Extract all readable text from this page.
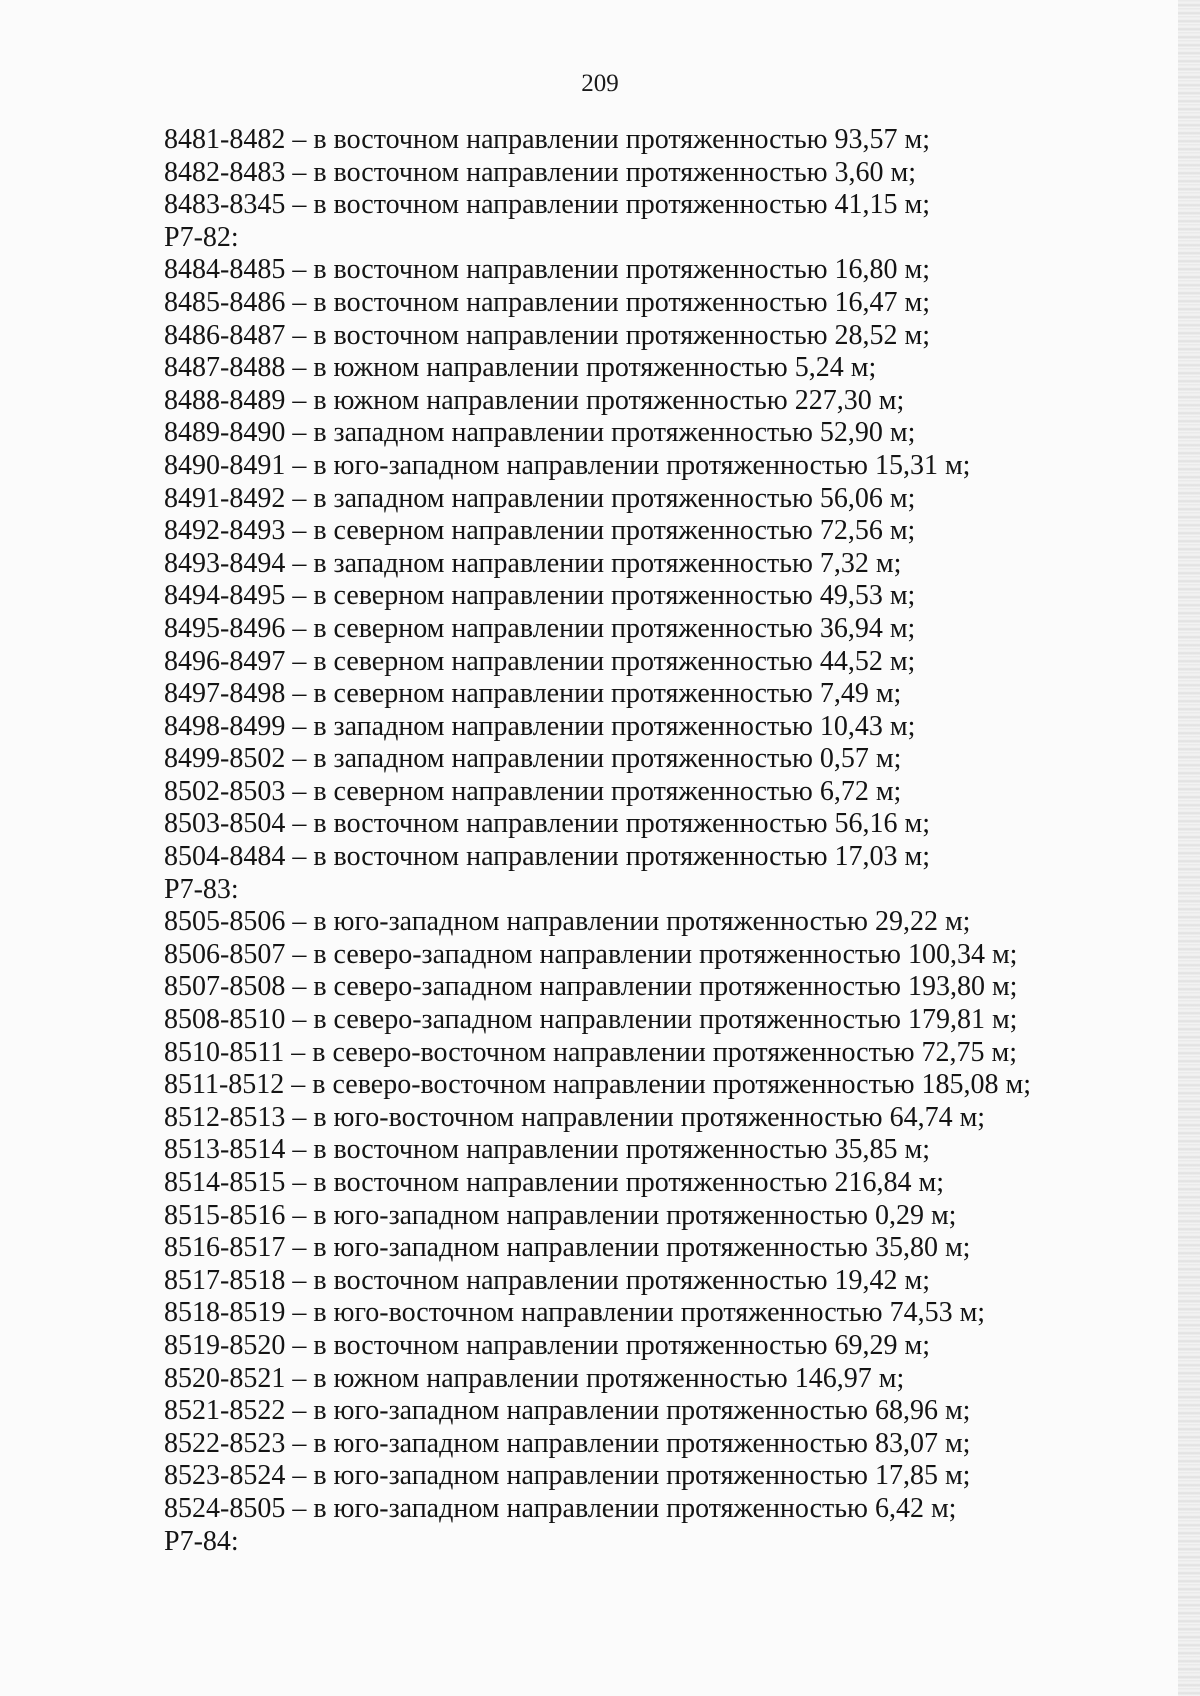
209
8481-8482 – в восточном направлении протяженностью 93,57 м;
8482-8483 – в восточном направлении протяженностью 3,60 м;
8483-8345 – в восточном направлении протяженностью 41,15 м;
Р7-82:
8484-8485 – в восточном направлении протяженностью 16,80 м;
8485-8486 – в восточном направлении протяженностью 16,47 м;
8486-8487 – в восточном направлении протяженностью 28,52 м;
8487-8488 – в южном направлении протяженностью 5,24 м;
8488-8489 – в южном направлении протяженностью 227,30 м;
8489-8490 – в западном направлении протяженностью 52,90 м;
8490-8491 – в юго-западном направлении протяженностью 15,31 м;
8491-8492 – в западном направлении протяженностью 56,06 м;
8492-8493 – в северном направлении протяженностью 72,56 м;
8493-8494 – в западном направлении протяженностью 7,32 м;
8494-8495 – в северном направлении протяженностью 49,53 м;
8495-8496 – в северном направлении протяженностью 36,94 м;
8496-8497 – в северном направлении протяженностью 44,52 м;
8497-8498 – в северном направлении протяженностью 7,49 м;
8498-8499 – в западном направлении протяженностью 10,43 м;
8499-8502 – в западном направлении протяженностью 0,57 м;
8502-8503 – в северном направлении протяженностью 6,72 м;
8503-8504 – в восточном направлении протяженностью 56,16 м;
8504-8484 – в восточном направлении протяженностью 17,03 м;
Р7-83:
8505-8506 – в юго-западном направлении протяженностью 29,22 м;
8506-8507 – в северо-западном направлении протяженностью 100,34 м;
8507-8508 – в северо-западном направлении протяженностью 193,80 м;
8508-8510 – в северо-западном направлении протяженностью 179,81 м;
8510-8511 – в северо-восточном направлении протяженностью 72,75 м;
8511-8512 – в северо-восточном направлении протяженностью 185,08 м;
8512-8513 – в юго-восточном направлении протяженностью 64,74 м;
8513-8514 – в восточном направлении протяженностью 35,85 м;
8514-8515 – в восточном направлении протяженностью 216,84 м;
8515-8516 – в юго-западном направлении протяженностью 0,29 м;
8516-8517 – в юго-западном направлении протяженностью 35,80 м;
8517-8518 – в восточном направлении протяженностью 19,42 м;
8518-8519 – в юго-восточном направлении протяженностью 74,53 м;
8519-8520 – в восточном направлении протяженностью 69,29 м;
8520-8521 – в южном направлении протяженностью 146,97 м;
8521-8522 – в юго-западном направлении протяженностью 68,96 м;
8522-8523 – в юго-западном направлении протяженностью 83,07 м;
8523-8524 – в юго-западном направлении протяженностью 17,85 м;
8524-8505 – в юго-западном направлении протяженностью 6,42 м;
Р7-84:
